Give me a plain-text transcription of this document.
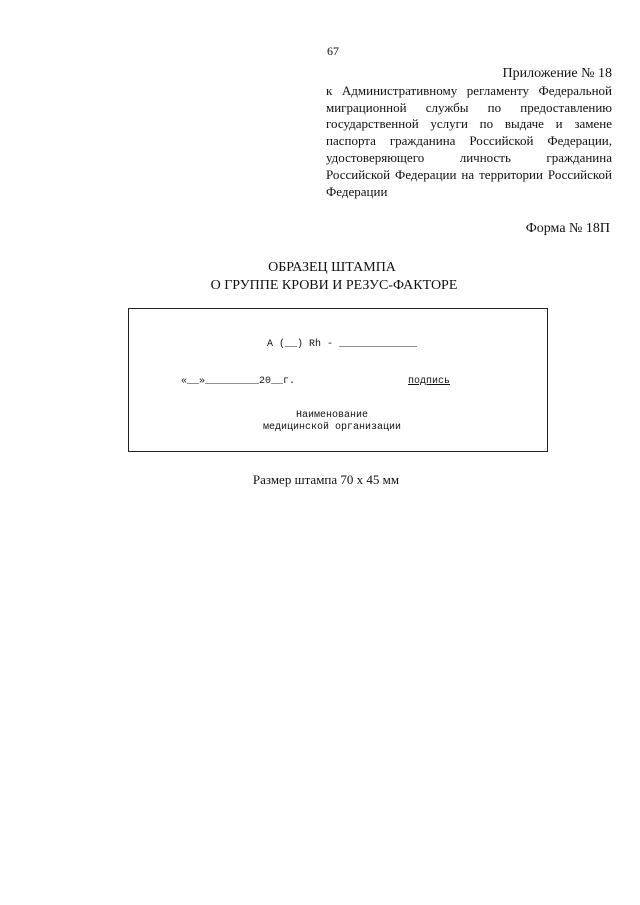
67
Приложение № 18
к Административному регламенту Федеральной
миграционной службы по предоставлению
государственной услуги по выдаче и замене
паспорта гражданина Российской Федерации,
удостоверяющего личность гражданина
Российской Федерации на территории Российской
Федерации
Форма № 18П
ОБРАЗЕЦ ШТАМПА
О ГРУППЕ КРОВИ И РЕЗУС-ФАКТОРЕ
А (__) Rh - _____________
«__»_________20__г.	подпись
Наименование
медицинской организации
Размер штампа 70 х 45 мм
